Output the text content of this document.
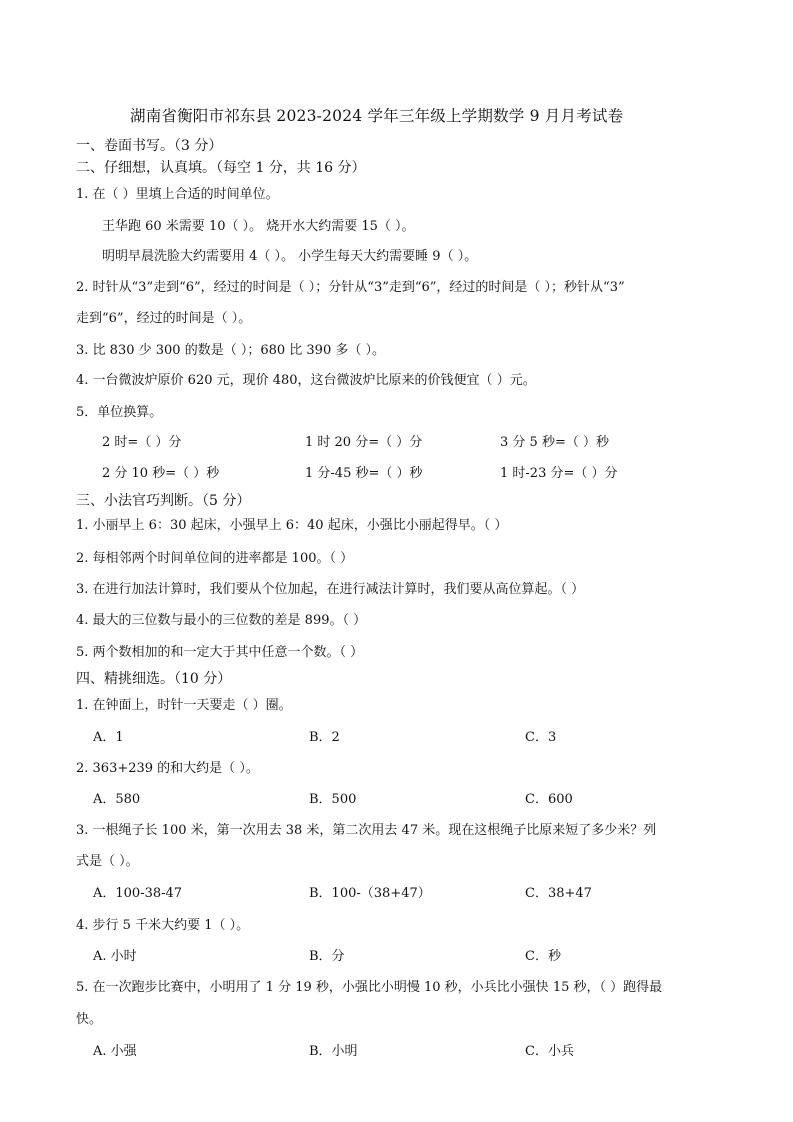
湖南省衡阳市祁东县 2023-2024 学年三年级上学期数学 9 月月考试卷
一、卷面书写。（3 分）
二、仔细想，认真填。（每空 1 分，共 16 分）
1. 在（ ）里填上合适的时间单位。
王华跑 60 米需要 10（ ）。 烧开水大约需要 15（ ）。
明明早晨洗脸大约需要用 4（ ）。 小学生每天大约需要睡 9（ ）。
2. 时针从“3”走到“6”，经过的时间是（ ）；分针从“3”走到“6”，经过的时间是（ ）；秒针从“3”
走到“6”，经过的时间是（ ）。
3. 比 830 少 300 的数是（ ）；680 比 390 多（ ）。
4. 一台微波炉原价 620 元，现价 480，这台微波炉比原来的价钱便宜（ ）元。
5．单位换算。
2 时=（ ）分	1 时 20 分=（ ）分	3 分 5 秒=（ ）秒
2 分 10 秒=（ ）秒	1 分-45 秒=（ ）秒	1 时-23 分=（ ）分
三、小法官巧判断。（5 分）
1. 小丽早上 6：30 起床，小强早上 6：40 起床，小强比小丽起得早。（ ）
2. 每相邻两个时间单位间的进率都是 100。（ ）
3. 在进行加法计算时，我们要从个位加起，在进行减法计算时，我们要从高位算起。（ ）
4. 最大的三位数与最小的三位数的差是 899。（ ）
5. 两个数相加的和一定大于其中任意一个数。（ ）
四、精挑细选。（10 分）
1. 在钟面上，时针一天要走（ ）圈。
A．1	B．2	C．3
2. 363+239 的和大约是（ ）。
A．580	B．500	C．600
3. 一根绳子长 100 米，第一次用去 38 米，第二次用去 47 米。现在这根绳子比原来短了多少米？列
式是（ ）。
A．100-38-47	B．100-（38+47）	C．38+47
4. 步行 5 千米大约要 1（ ）。
A. 小时	B．分	C．秒
5. 在一次跑步比赛中，小明用了 1 分 19 秒，小强比小明慢 10 秒，小兵比小强快 15 秒，（ ）跑得最
快。
A. 小强	B．小明	C．小兵
